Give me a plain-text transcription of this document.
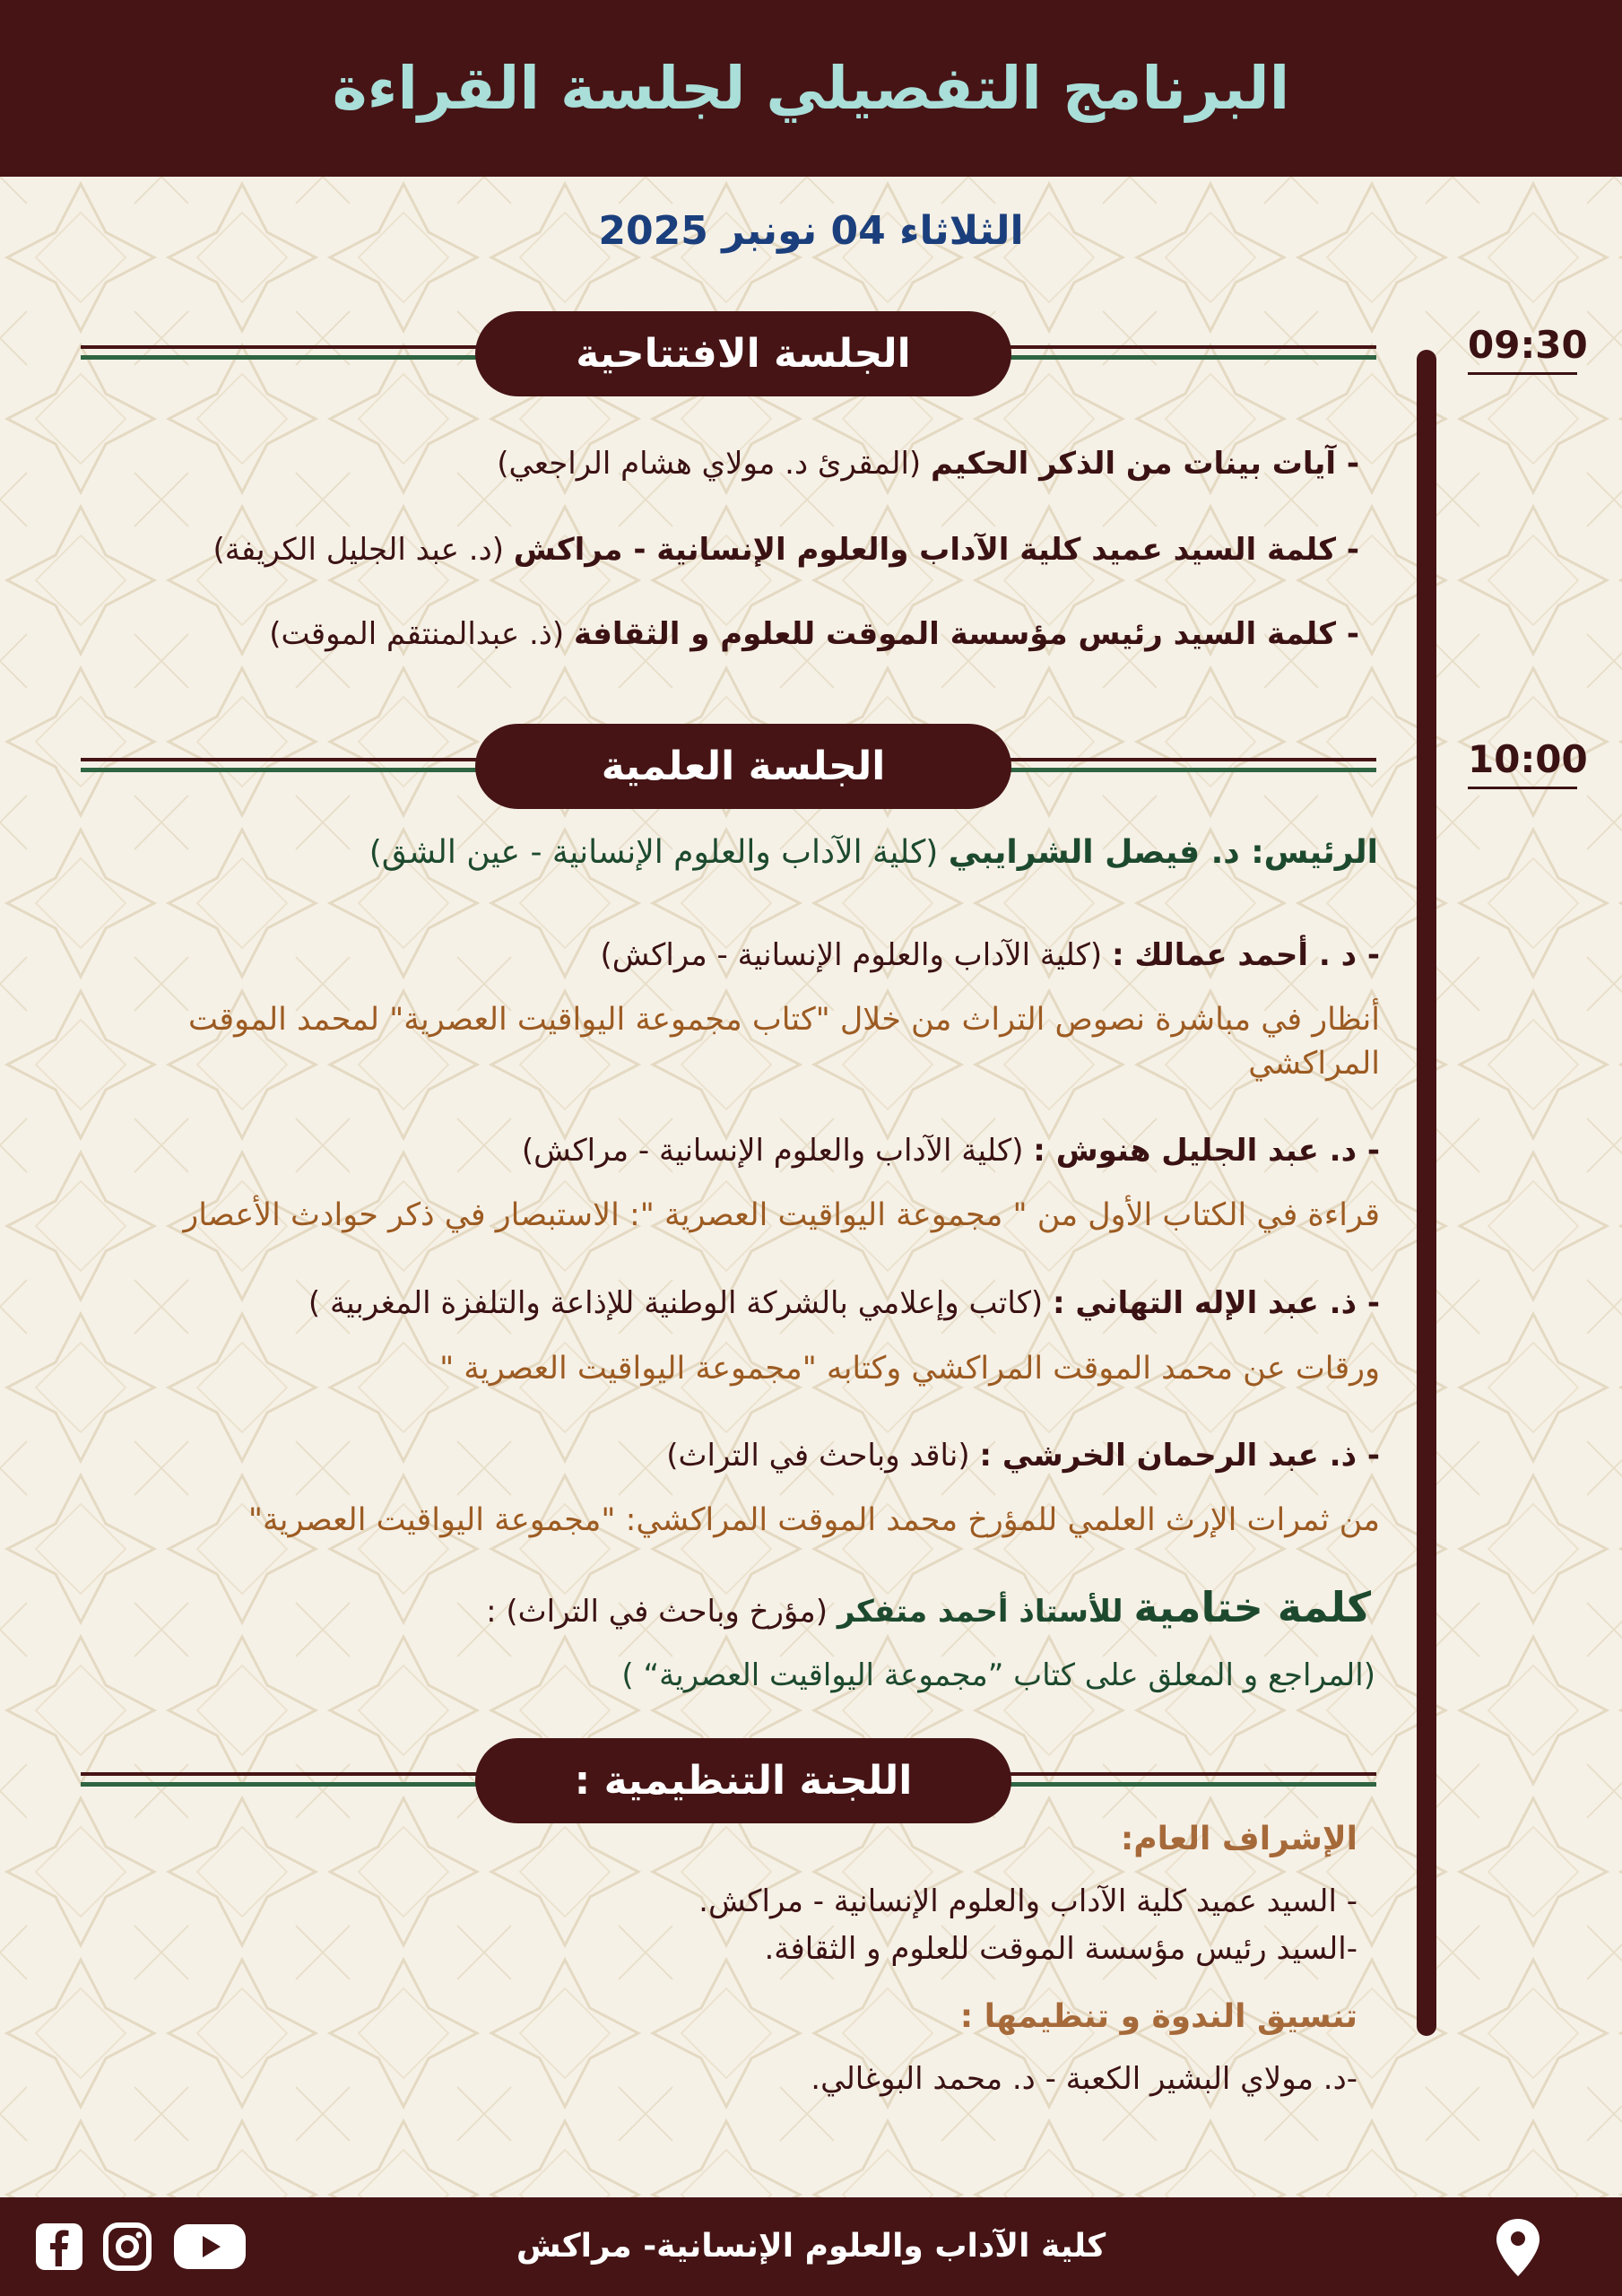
البرنامج التفصيلي لجلسة القراءة
الثلاثاء 04 نونبر 2025
09:30
الجلسة الافتتاحية
- آيات بينات من الذكر الحكيم (المقرئ د. مولاي هشام الراجعي)
- كلمة السيد عميد كلية الآداب والعلوم الإنسانية - مراكش (د. عبد الجليل الكريفة)
- كلمة السيد رئيس مؤسسة الموقت للعلوم و الثقافة (ذ. عبدالمنتقم الموقت)
10:00
الجلسة العلمية
الرئيس: د. فيصل الشرايبي (كلية الآداب والعلوم الإنسانية - عين الشق)
- د . أحمد عمالك : (كلية الآداب والعلوم الإنسانية - مراكش)
أنظار في مباشرة نصوص التراث من خلال "كتاب مجموعة اليواقيت العصرية" لمحمد الموقت
المراكشي
- د. عبد الجليل هنوش : (كلية الآداب والعلوم الإنسانية - مراكش)
قراءة في الكتاب الأول من " مجموعة اليواقيت العصرية ": الاستبصار في ذكر حوادث الأعصار
- ذ. عبد الإله التهاني : (كاتب وإعلامي بالشركة الوطنية للإذاعة والتلفزة المغربية )
ورقات عن محمد الموقت المراكشي وكتابه "مجموعة اليواقيت العصرية "
- ذ. عبد الرحمان الخرشي : (ناقد وباحث في التراث)
من ثمرات الإرث العلمي للمؤرخ محمد الموقت المراكشي: "مجموعة اليواقيت العصرية"
كلمة ختامية للأستاذ أحمد متفكر (مؤرخ وباحث في التراث) :
(المراجع و المعلق على كتاب ”مجموعة اليواقيت العصرية“ )
اللجنة التنظيمية :
الإشراف العام:
- السيد عميد كلية الآداب والعلوم الإنسانية - مراكش.
-السيد رئيس مؤسسة الموقت للعلوم و الثقافة.
تنسيق الندوة و تنظيمها :
-د. مولاي البشير الكعبة - د. محمد البوغالي.
كلية الآداب والعلوم الإنسانية- مراكش
